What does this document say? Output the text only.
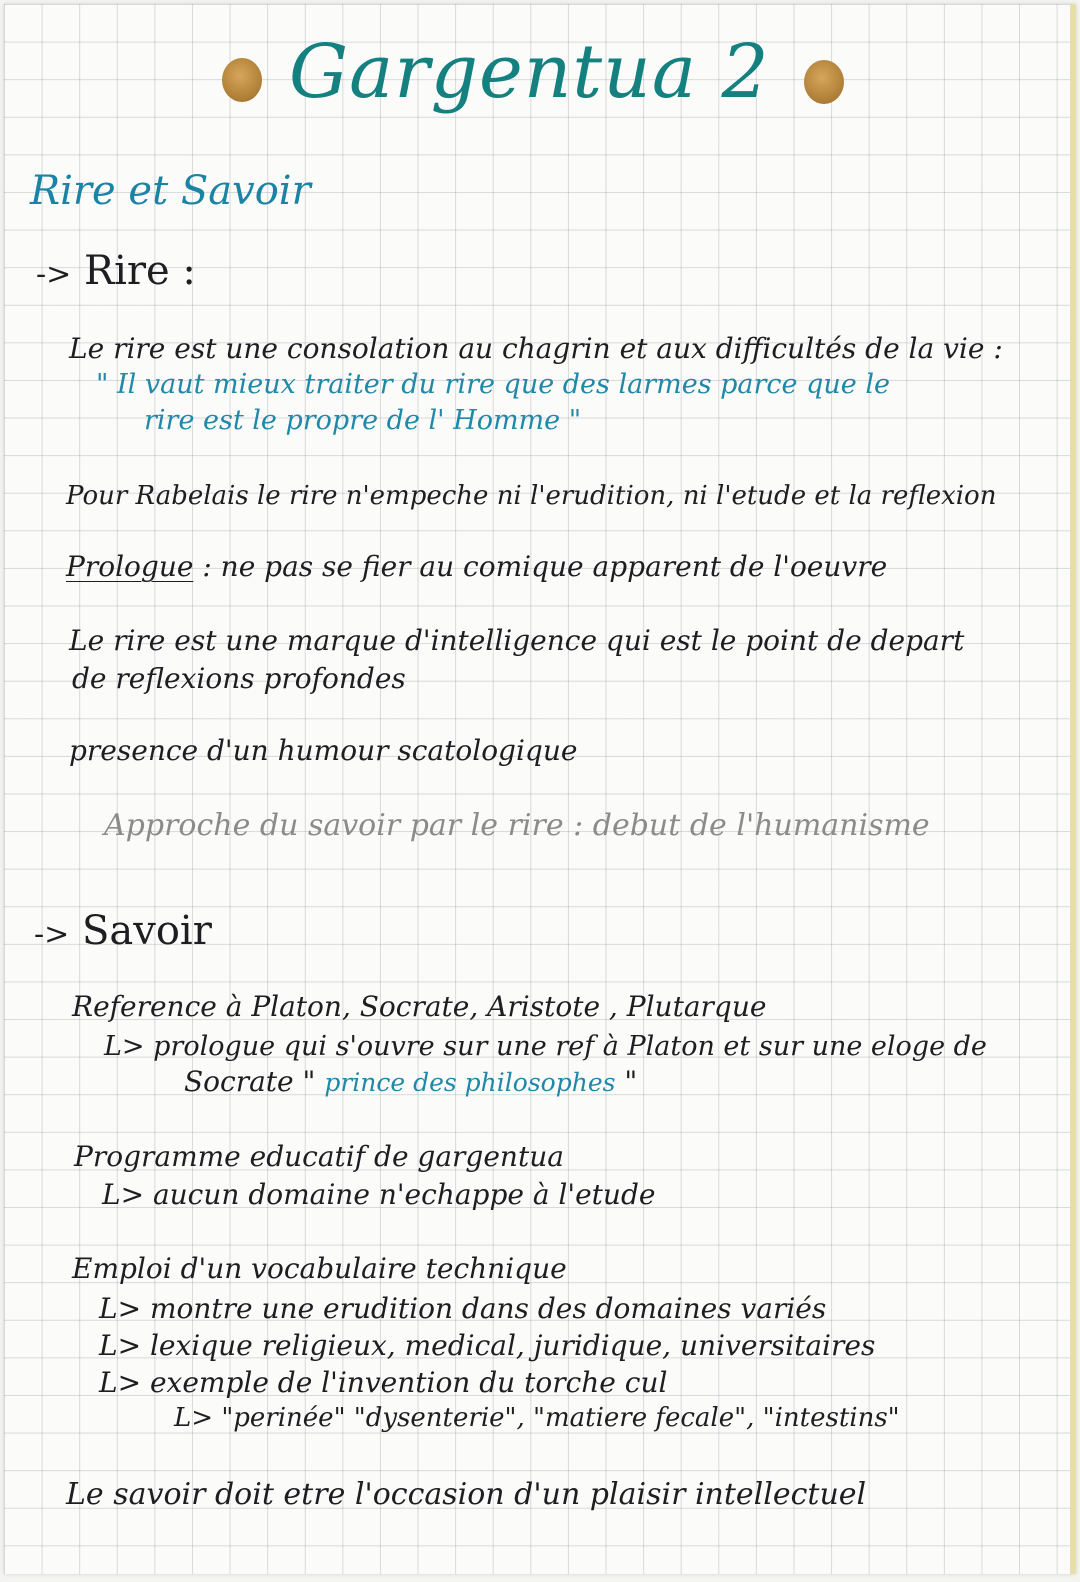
Gargentua 2
Rire et Savoir
-> Rire :
Le rire est une consolation au chagrin et aux difficultés de la vie :
" Il vaut mieux traiter du rire que des larmes parce que le
rire est le propre de l' Homme "
Pour Rabelais le rire n'empeche ni l'erudition, ni l'etude et la reflexion
Prologue : ne pas se fier au comique apparent de l'oeuvre
Le rire est une marque d'intelligence qui est le point de depart
de reflexions profondes
presence d'un humour scatologique
Approche du savoir par le rire : debut de l'humanisme
-> Savoir
Reference à Platon, Socrate, Aristote , Plutarque
L> prologue qui s'ouvre sur une ref à Platon et sur une eloge de
Socrate " prince des philosophes "
Programme educatif de gargentua
L> aucun domaine n'echappe à l'etude
Emploi d'un vocabulaire technique
L> montre une erudition dans des domaines variés
L> lexique religieux, medical, juridique, universitaires
L> exemple de l'invention du torche cul
L> "perinée" "dysenterie", "matiere fecale", "intestins"
Le savoir doit etre l'occasion d'un plaisir intellectuel
